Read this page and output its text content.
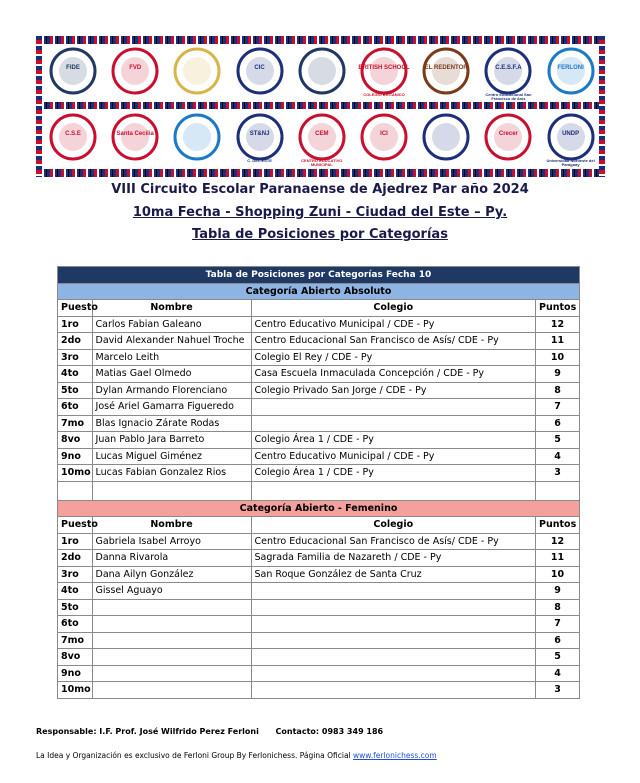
FIDE	FVD	CIC	BRITISH SCHOOL
COLEGIO BRITANICO
EL REDENTOR	C.E.S.F.A
Centro Educacional San Francisco de Asís
FERLONI
C.S.E	Santa Cecilia	ST&NJ
C. DEL ESTE
CEM
CENTRO EDUCATIVO MUNICIPAL
ICI	Crecer	UNDP
Universidad Nordeste del Paraguay
VIII Circuito Escolar Paranaense de Ajedrez Par año 2024
10ma Fecha - Shopping Zuni - Ciudad del Este – Py.
Tabla de Posiciones por Categorías
Tabla de Posiciones por Categorías Fecha 10			
Categoría Abierto Absoluto			
Puesto	Nombre	Colegio	Puntos
1ro	Carlos Fabian Galeano	Centro Educativo Municipal / CDE - Py	12
2do	David Alexander Nahuel Troche	Centro Educacional San Francisco de Asís/ CDE - Py	11
3ro	Marcelo Leith	Colegio El Rey / CDE - Py	10
4to	Matias Gael Olmedo	Casa Escuela Inmaculada Concepción / CDE - Py	9
5to	Dylan Armando Florenciano	Colegio Privado San Jorge / CDE - Py	8
6to	José Ariel Gamarra Figueredo		7
7mo	Blas Ignacio Zárate Rodas		6
8vo	Juan Pablo Jara Barreto	Colegio Área 1 / CDE - Py	5
9no	Lucas Miguel Giménez	Centro Educativo Municipal / CDE - Py	4
10mo	Lucas Fabian Gonzalez Rios	Colegio Área 1 / CDE - Py	3

Categoría Abierto - Femenino			
Puesto	Nombre	Colegio	Puntos
1ro	Gabriela Isabel Arroyo	Centro Educacional San Francisco de Asís/ CDE - Py	12
2do	Danna Rivarola	Sagrada Familia de Nazareth / CDE - Py	11
3ro	Dana Ailyn González	San Roque González de Santa Cruz	10
4to	Gissel Aguayo		9
5to			8
6to			7
7mo			6
8vo			5
9no			4
10mo			3
Responsable: I.F. Prof. José Wilfrido Perez Ferloni Contacto: 0983 349 186
La Idea y Organización es exclusivo de Ferloni Group By Ferlonichess. Página Oficial www.ferlonichess.com
